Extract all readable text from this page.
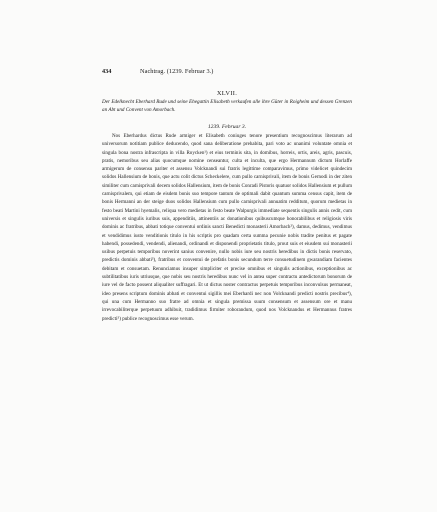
434	Nachtrag. (1239. Februar 3.)
XLVII.

Der Edelknecht Eberhard Rude und seine Ehegattin Elisabeth verkaufen alle ihre Güter in Roigheim und dessen Grenzen an Abt und Convent von Amorbach.

1239. Februar 3.

Nos Eberhardus dictus Rude armiger et Elisabeth coniuges tenore presentium recognoscimus literarum ad universorum notitiam publice deducendo, quod sana deliberatione prehabita, pari voto ac unanimi voluntate omnia et singula bona nostra infrascripta in villa Roycken¹) et eius terminis sita, in domibus, horreis, ortis, areis, agris, pascuis, pratis, nemoribus seu alias quocumque nomine censeantur, culta et inculta, que ergo Hermannum dictum Horlaffe armigerum de consensu pariter et assensu Volcknandi sui fratris legittime comparavimus, primo videlicet quindecim solidos Hallensium de bonis, que actu colit dictus Scheckelere, cum pullo carnisprivali, item de bonis Gernodi in der ziten similiter cum carnisprivali decem solidos Hallensium, item de bonis Conradi Pistoris quatuor solidos Hallensium et pullum carnisprivalem, qui etiam de eisdem bonis suo tempore tantum de optimali dabit quantum summa census capit, item de bonis Hermanni an der steige duos solidos Hallensium cum pullo carnisprivali annuatim redditum, quorum medietas in festo beati Martini hyemalis, reliqua vero medietas in festo beate Walpurgis immediate sequentis singulis annis cedit, cum universis et singulis iuribus suis, appenditiis, attinentiis ac donationibus quibuscumque honorabilibus et religiosis viris dominis ac fratribus, abbati totique conventui ordinis sancti Benedicti monasterii Amorbach²), damus, dedimus, vendimus et vendidimus iusto venditionis titulo in his scriptis pro quadam certa summa pecunie nobis tradite penitus et pagate habendi, possedendi, vendendi, alienandi, ordinandi et disponendi proprietatis titulo, prout suis et eiusdem sui monasterii usibus perpetuis temporibus noverint sanius convenire, nullo nobis iure seu nostris heredibus in dictis bonis reservato, predictis dominis abbati³), fratribus et conventui de prefatis bonis secundum terre consuetudinem gwarandiam facientes debitam et consuetam. Renunciamus insuper simpliciter et precise omnibus et singulis actionibus, exceptionibus ac subtilitatibus iuris utriusque, que nobis seu nostris heredibus nunc vel in antea super contractu antedictorum bonorum de iure vel de facto possent aliqualiter suffragari. Et ut dictus noster contractus perpetuis temporibus inconvulsus permaneat, ideo presens scriptum dominis abbati et conventui sigillis mei Eberhardi nec non Volcknandi predicti nostris precibus⁴), qui una cum Hermanno suo fratre ad omnia et singula premissa suum consensum et assensum ore et manu irrevocabiliterque perpetuum adhibuit, tradidimus firmiter roborandum, quod nos Volcknandus et Hermannus fratres predicti⁵) publice recognoscimus esse verum.
